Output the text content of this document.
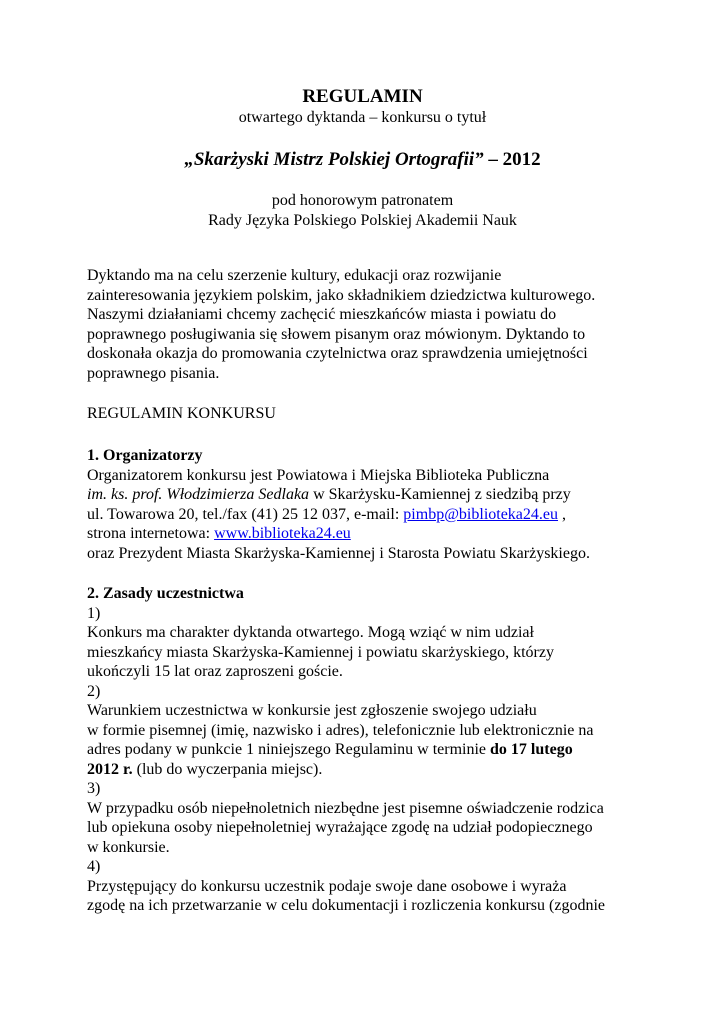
REGULAMIN
otwartego dyktanda – konkursu o tytuł
„Skarżyski Mistrz Polskiej Ortografii” – 2012
pod honorowym patronatem
Rady Języka Polskiego Polskiej Akademii Nauk
Dyktando ma na celu szerzenie kultury, edukacji oraz rozwijanie
zainteresowania językiem polskim, jako składnikiem dziedzictwa kulturowego.
Naszymi działaniami chcemy zachęcić mieszkańców miasta i powiatu do
poprawnego posługiwania się słowem pisanym oraz mówionym. Dyktando to
doskonała okazja do promowania czytelnictwa oraz sprawdzenia umiejętności
poprawnego pisania.
REGULAMIN KONKURSU
1. Organizatorzy
Organizatorem konkursu jest Powiatowa i Miejska Biblioteka Publiczna
im. ks. prof. Włodzimierza Sedlaka w Skarżysku-Kamiennej z siedzibą przy
ul. Towarowa 20, tel./fax (41) 25 12 037, e-mail: pimbp@biblioteka24.eu ,
strona internetowa: www.biblioteka24.eu
oraz Prezydent Miasta Skarżyska-Kamiennej i Starosta Powiatu Skarżyskiego.
2. Zasady uczestnictwa
1)
Konkurs ma charakter dyktanda otwartego. Mogą wziąć w nim udział
mieszkańcy miasta Skarżyska-Kamiennej i powiatu skarżyskiego, którzy
ukończyli 15 lat oraz zaproszeni goście.
2)
Warunkiem uczestnictwa w konkursie jest zgłoszenie swojego udziału
w formie pisemnej (imię, nazwisko i adres), telefonicznie lub elektronicznie na
adres podany w punkcie 1 niniejszego Regulaminu w terminie do 17 lutego
2012 r. (lub do wyczerpania miejsc).
3)
W przypadku osób niepełnoletnich niezbędne jest pisemne oświadczenie rodzica
lub opiekuna osoby niepełnoletniej wyrażające zgodę na udział podopiecznego
w konkursie.
4)
Przystępujący do konkursu uczestnik podaje swoje dane osobowe i wyraża
zgodę na ich przetwarzanie w celu dokumentacji i rozliczenia konkursu (zgodnie
